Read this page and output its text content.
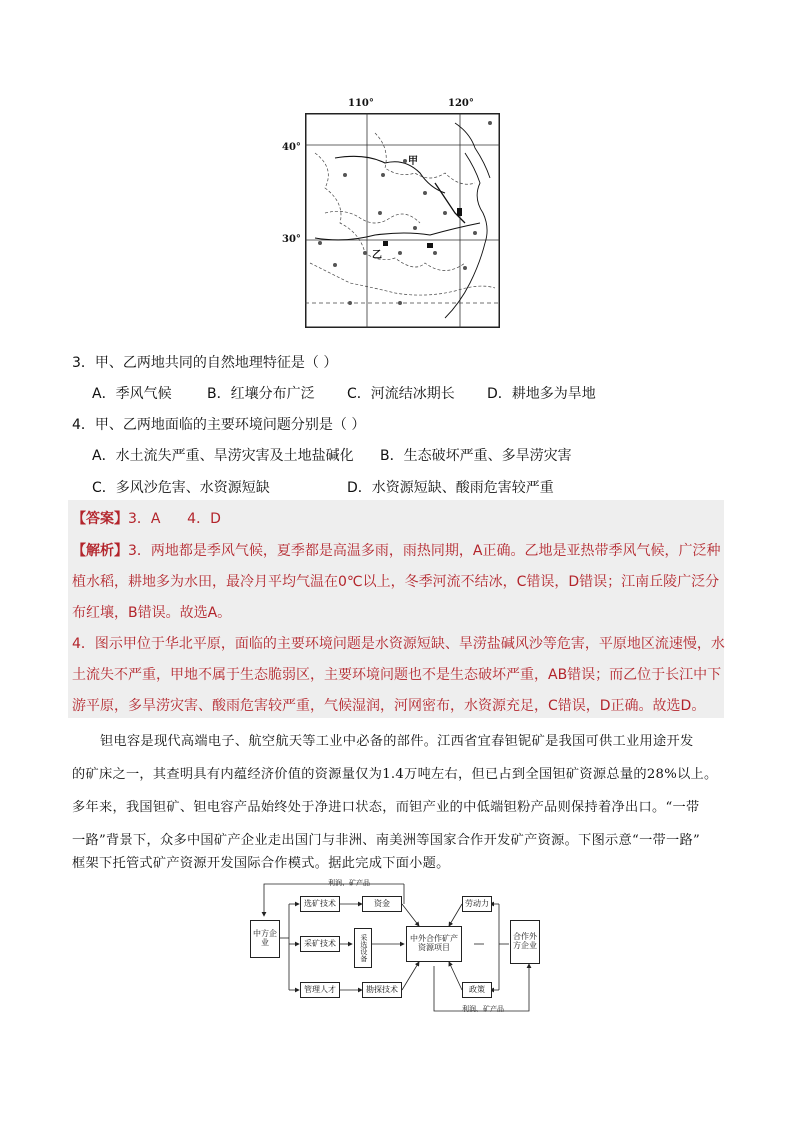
110°	120°
40°
30°
甲
乙
3．甲、乙两地共同的自然地理特征是（ ）
A．季风气候	B．红壤分布广泛 C．河流结冰期长 D．耕地多为旱地
4．甲、乙两地面临的主要环境问题分别是（ ）
A．水土流失严重、旱涝灾害及土地盐碱化 B．生态破坏严重、多旱涝灾害
C．多风沙危害、水资源短缺	D．水资源短缺、酸雨危害较严重
【答案】3．A      4．D
【解析】3．两地都是季风气候，夏季都是高温多雨，雨热同期，A正确。乙地是亚热带季风气候，广泛种
植水稻，耕地多为水田，最冷月平均气温在0℃以上，冬季河流不结冰，C错误，D错误；江南丘陵广泛分
布红壤，B错误。故选A。
4．图示甲位于华北平原，面临的主要环境问题是水资源短缺、旱涝盐碱风沙等危害，平原地区流速慢，水
土流失不严重，甲地不属于生态脆弱区，主要环境问题也不是生态破坏严重，AB错误；而乙位于长江中下
游平原，多旱涝灾害、酸雨危害较严重，气候湿润，河网密布，水资源充足，C错误，D正确。故选D。
钽电容是现代高端电子、航空航天等工业中必备的部件。江西省宜春钽铌矿是我国可供工业用途开发
的矿床之一，其查明具有内蕴经济价值的资源量仅为1.4万吨左右，但已占到全国钽矿资源总量的28%以上。
多年来，我国钽矿、钽电容产品始终处于净进口状态，而钽产业的中低端钽粉产品则保持着净出口。“一带
一路”背景下，众多中国矿产企业走出国门与非洲、南美洲等国家合作开发矿产资源。下图示意“一带一路”
框架下托管式矿产资源开发国际合作模式。据此完成下面小题。
利润、矿产品
利润、矿产品
中方企业
选矿技术
采矿技术
管理人才
资金
采选设备
勘探技术
中外合作矿产资源项目
劳动力
政策
合作外方企业
